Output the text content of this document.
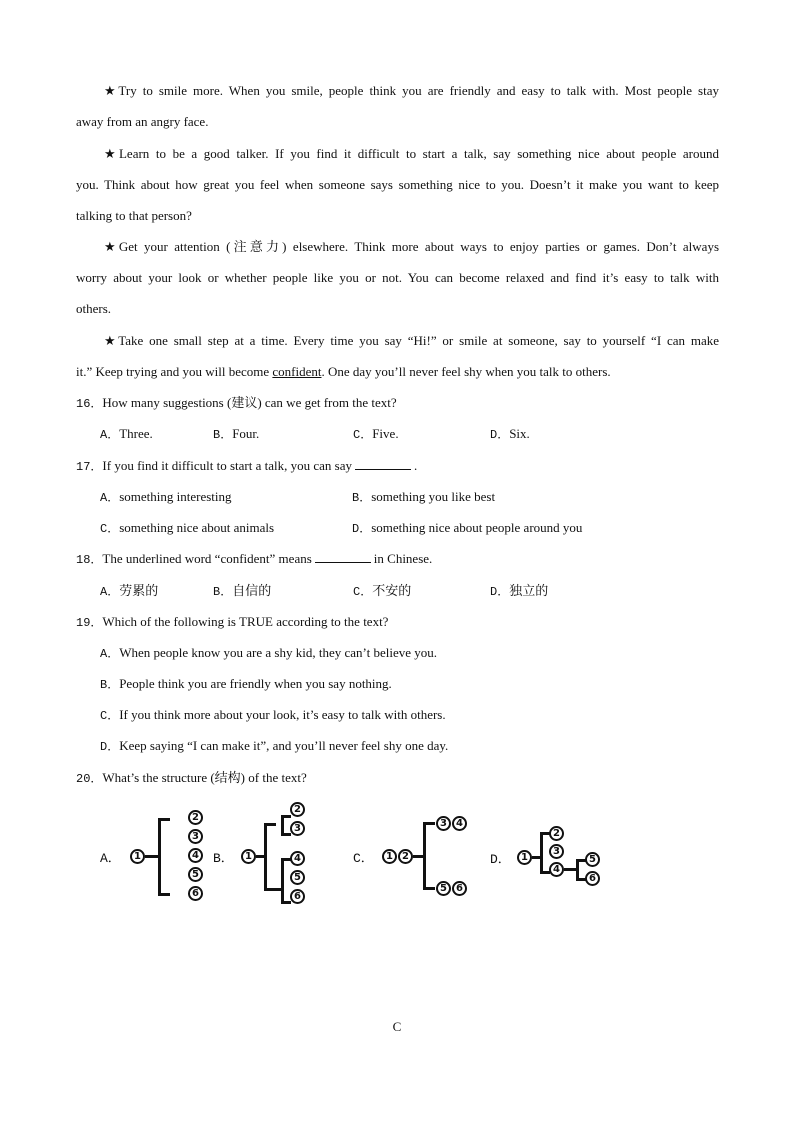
★Try to smile more. When you smile, people think you are friendly and easy to talk with. Most people stay
away from an angry face.
★Learn to be a good talker. If you find it difficult to start a talk, say something nice about people around
you. Think about how great you feel when someone says something nice to you. Doesn’t it make you want to keep
talking to that person?
★Get your attention (注意力) elsewhere. Think more about ways to enjoy parties or games. Don’t always
worry about your look or whether people like you or not. You can become relaxed and find it’s easy to talk with
others.
★Take one small step at a time. Every time you say “Hi!” or smile at someone, say to yourself “I can make
it.” Keep trying and you will become confident. One day you’ll never feel shy when you talk to others.
16．How many suggestions (建议) can we get from the text?
A．Three.	B．Four.	C．Five.	D．Six.
17．If you find it difficult to start a talk, you can say	.
A．something interesting	B．something you like best
C．something nice about animals	D．something nice about people around you
18．The underlined word “confident” means	in Chinese.
A．劳累的	B．自信的	C．不安的	D．独立的
19．Which of the following is TRUE according to the text?
A．When people know you are a shy kid, they can’t believe you.
B．People think you are friendly when you say nothing.
C．If you think more about your look, it’s easy to talk with others.
D．Keep saying “I can make it”, and you’ll never feel shy one day.
20．What’s the structure (结构) of the text?
A．	1
2
3
4
5
6
B．	1
2
3
4
5
6
C．	1 2
3 4
5 6
D．	1
2
3
4
5
6
C
